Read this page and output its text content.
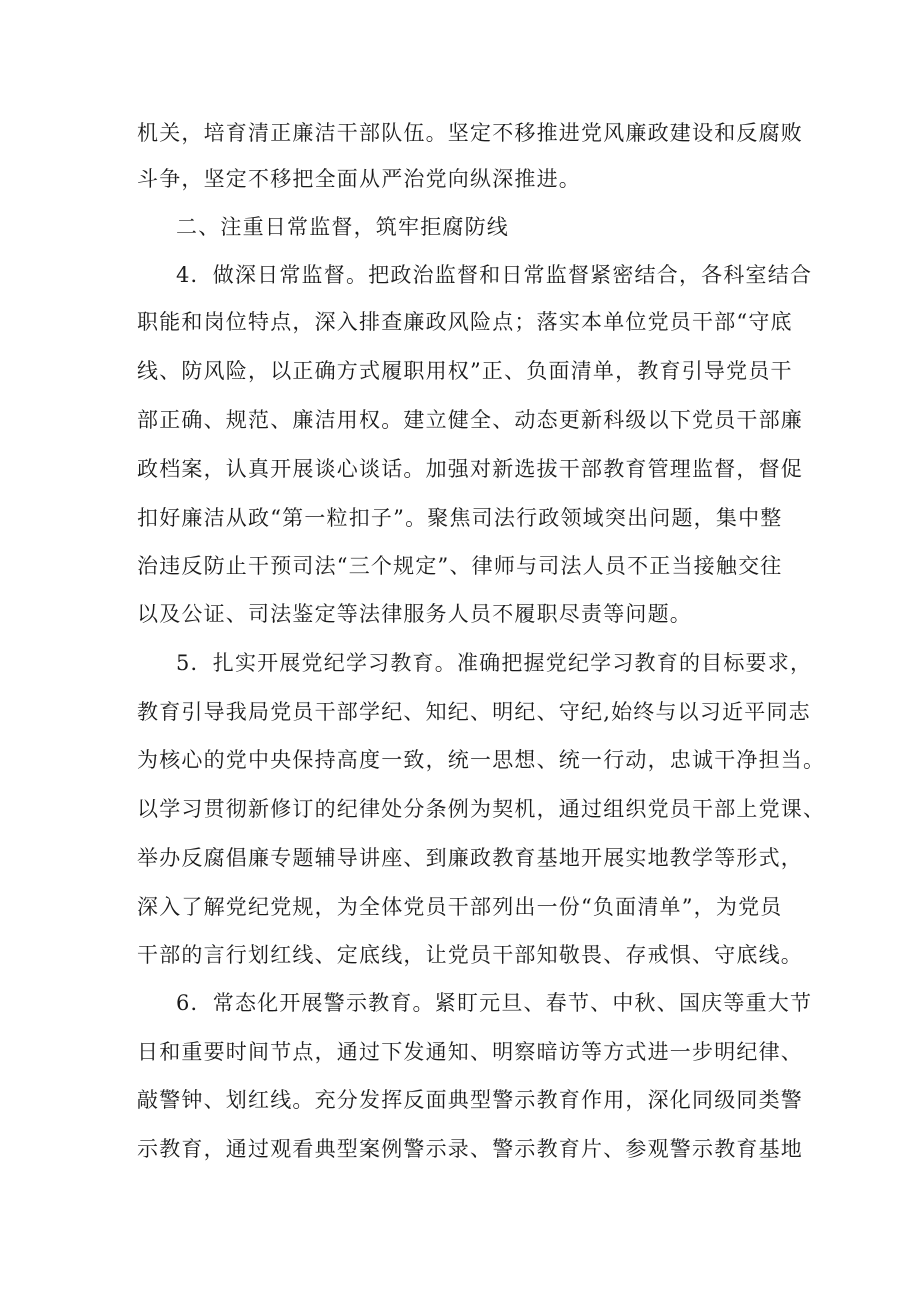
机关，培育清正廉洁干部队伍。坚定不移推进党风廉政建设和反腐败
斗争，坚定不移把全面从严治党向纵深推进。
二、注重日常监督，筑牢拒腐防线
4．做深日常监督。把政治监督和日常监督紧密结合，各科室结合
职能和岗位特点，深入排查廉政风险点；落实本单位党员干部“守底
线、防风险，以正确方式履职用权”正、负面清单，教育引导党员干
部正确、规范、廉洁用权。建立健全、动态更新科级以下党员干部廉
政档案，认真开展谈心谈话。加强对新选拔干部教育管理监督，督促
扣好廉洁从政“第一粒扣子”。聚焦司法行政领域突出问题，集中整
治违反防止干预司法“三个规定”、律师与司法人员不正当接触交往
以及公证、司法鉴定等法律服务人员不履职尽责等问题。
5．扎实开展党纪学习教育。准确把握党纪学习教育的目标要求，
教育引导我局党员干部学纪、知纪、明纪、守纪,始终与以习近平同志
为核心的党中央保持高度一致，统一思想、统一行动，忠诚干净担当。
以学习贯彻新修订的纪律处分条例为契机，通过组织党员干部上党课、
举办反腐倡廉专题辅导讲座、到廉政教育基地开展实地教学等形式，
深入了解党纪党规，为全体党员干部列出一份“负面清单”，为党员
干部的言行划红线、定底线，让党员干部知敬畏、存戒惧、守底线。
6．常态化开展警示教育。紧盯元旦、春节、中秋、国庆等重大节
日和重要时间节点，通过下发通知、明察暗访等方式进一步明纪律、
敲警钟、划红线。充分发挥反面典型警示教育作用，深化同级同类警
示教育，通过观看典型案例警示录、警示教育片、参观警示教育基地
